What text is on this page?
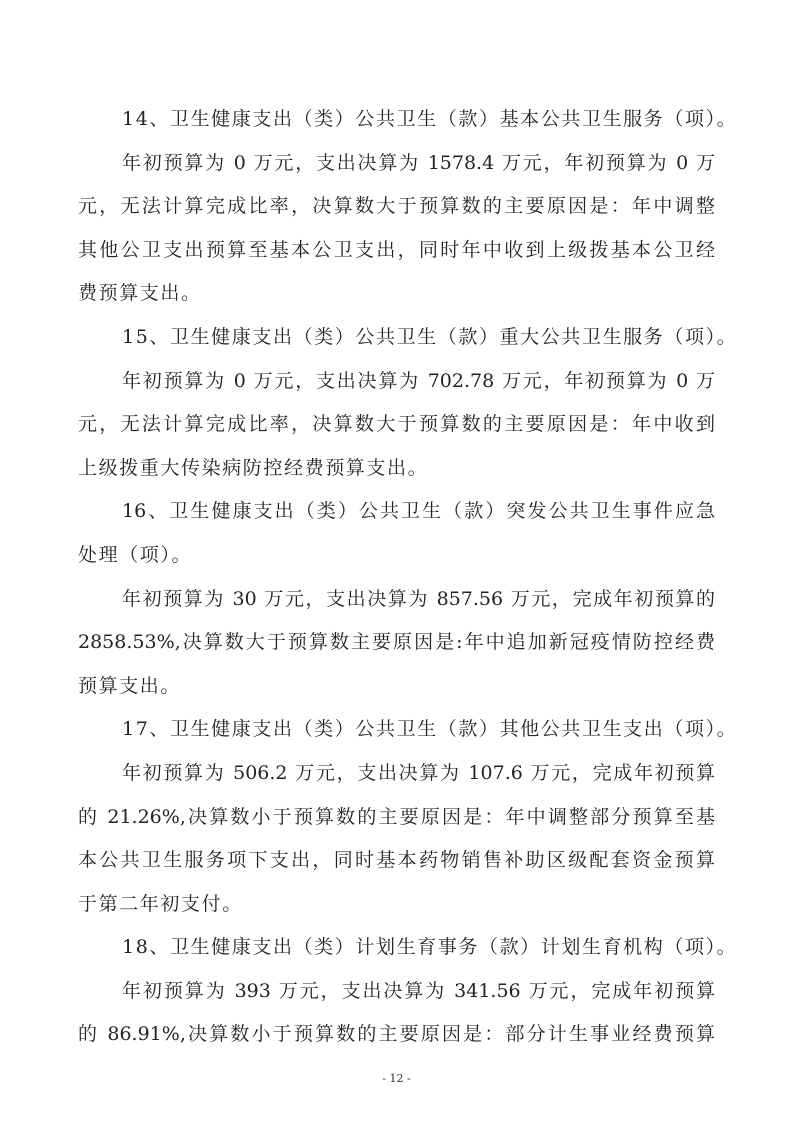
14、卫生健康支出（类）公共卫生（款）基本公共卫生服务（项）。
年初预算为 0 万元，支出决算为 1578.4 万元，年初预算为 0 万
元，无法计算完成比率，决算数大于预算数的主要原因是：年中调整
其他公卫支出预算至基本公卫支出，同时年中收到上级拨基本公卫经
费预算支出。
15、卫生健康支出（类）公共卫生（款）重大公共卫生服务（项）。
年初预算为 0 万元，支出决算为 702.78 万元，年初预算为 0 万
元，无法计算完成比率，决算数大于预算数的主要原因是：年中收到
上级拨重大传染病防控经费预算支出。
16、卫生健康支出（类）公共卫生（款）突发公共卫生事件应急
处理（项）。
年初预算为 30 万元，支出决算为 857.56 万元，完成年初预算的
2858.53%,决算数大于预算数主要原因是:年中追加新冠疫情防控经费
预算支出。
17、卫生健康支出（类）公共卫生（款）其他公共卫生支出（项）。
年初预算为 506.2 万元，支出决算为 107.6 万元，完成年初预算
的 21.26%,决算数小于预算数的主要原因是：年中调整部分预算至基
本公共卫生服务项下支出，同时基本药物销售补助区级配套资金预算
于第二年初支付。
18、卫生健康支出（类）计划生育事务（款）计划生育机构（项）。
年初预算为 393 万元，支出决算为 341.56 万元，完成年初预算
的 86.91%,决算数小于预算数的主要原因是：部分计生事业经费预算
- 12 -
